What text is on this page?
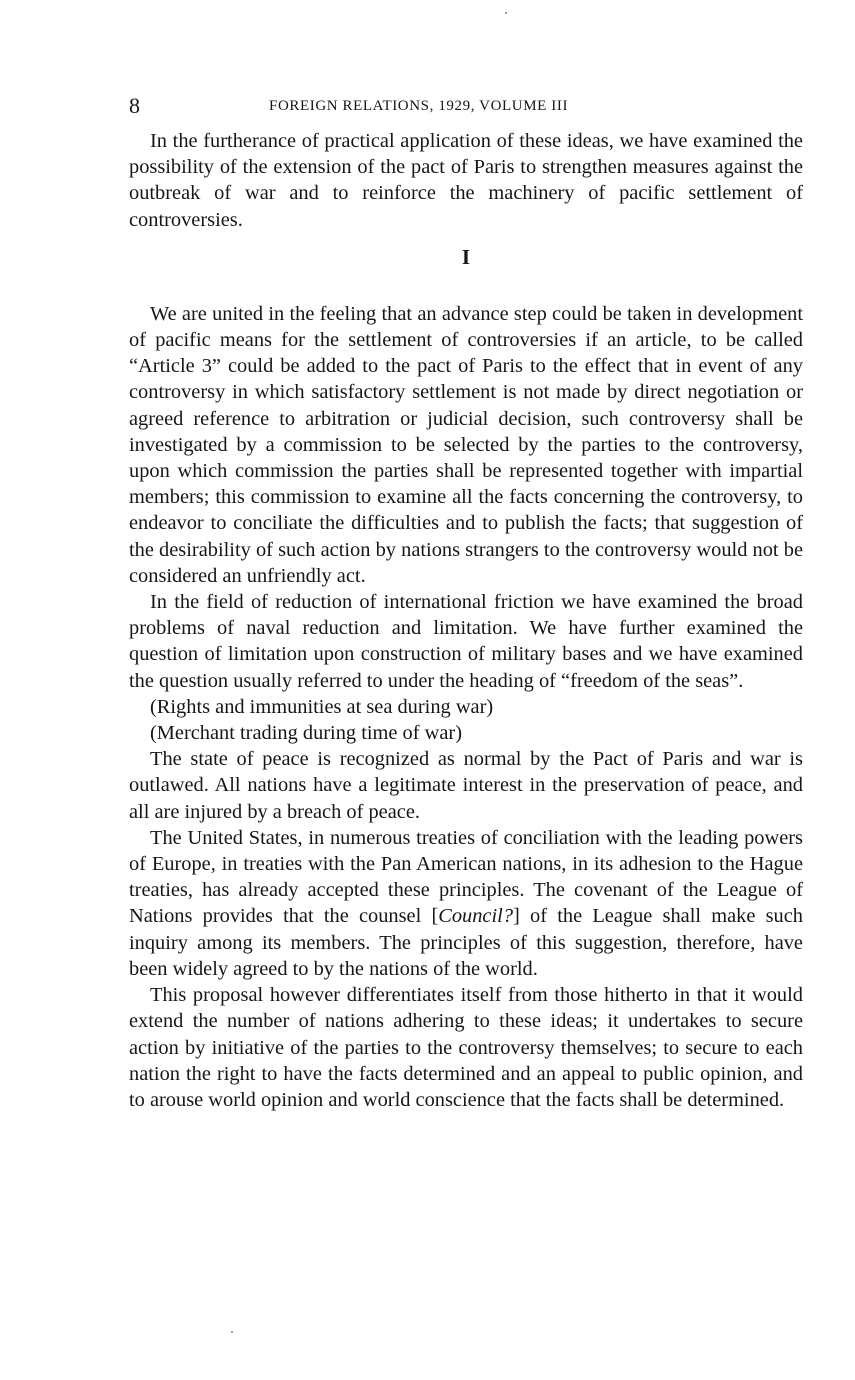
8	FOREIGN RELATIONS, 1929, VOLUME III

In the furtherance of practical application of these ideas, we have examined the possibility of the extension of the pact of Paris to strengthen measures against the outbreak of war and to reinforce the machinery of pacific settlement of controversies.

I

We are united in the feeling that an advance step could be taken in development of pacific means for the settlement of controversies if an article, to be called “Article 3” could be added to the pact of Paris to the effect that in event of any controversy in which satisfactory settlement is not made by direct negotiation or agreed reference to arbitration or judicial decision, such controversy shall be investigated by a commission to be selected by the parties to the controversy, upon which commission the parties shall be represented together with impartial members; this commission to examine all the facts concerning the controversy, to endeavor to conciliate the difficulties and to publish the facts; that suggestion of the desirability of such action by nations strangers to the controversy would not be considered an unfriendly act.

In the field of reduction of international friction we have examined the broad problems of naval reduction and limitation. We have further examined the question of limitation upon construction of military bases and we have examined the question usually referred to under the heading of “freedom of the seas”.

(Rights and immunities at sea during war)

(Merchant trading during time of war)

The state of peace is recognized as normal by the Pact of Paris and war is outlawed. All nations have a legitimate interest in the preservation of peace, and all are injured by a breach of peace.

The United States, in numerous treaties of conciliation with the leading powers of Europe, in treaties with the Pan American nations, in its adhesion to the Hague treaties, has already accepted these principles. The covenant of the League of Nations provides that the counsel [Council?] of the League shall make such inquiry among its members. The principles of this suggestion, therefore, have been widely agreed to by the nations of the world.

This proposal however differentiates itself from those hitherto in that it would extend the number of nations adhering to these ideas; it undertakes to secure action by initiative of the parties to the controversy themselves; to secure to each nation the right to have the facts determined and an appeal to public opinion, and to arouse world opinion and world conscience that the facts shall be determined.
